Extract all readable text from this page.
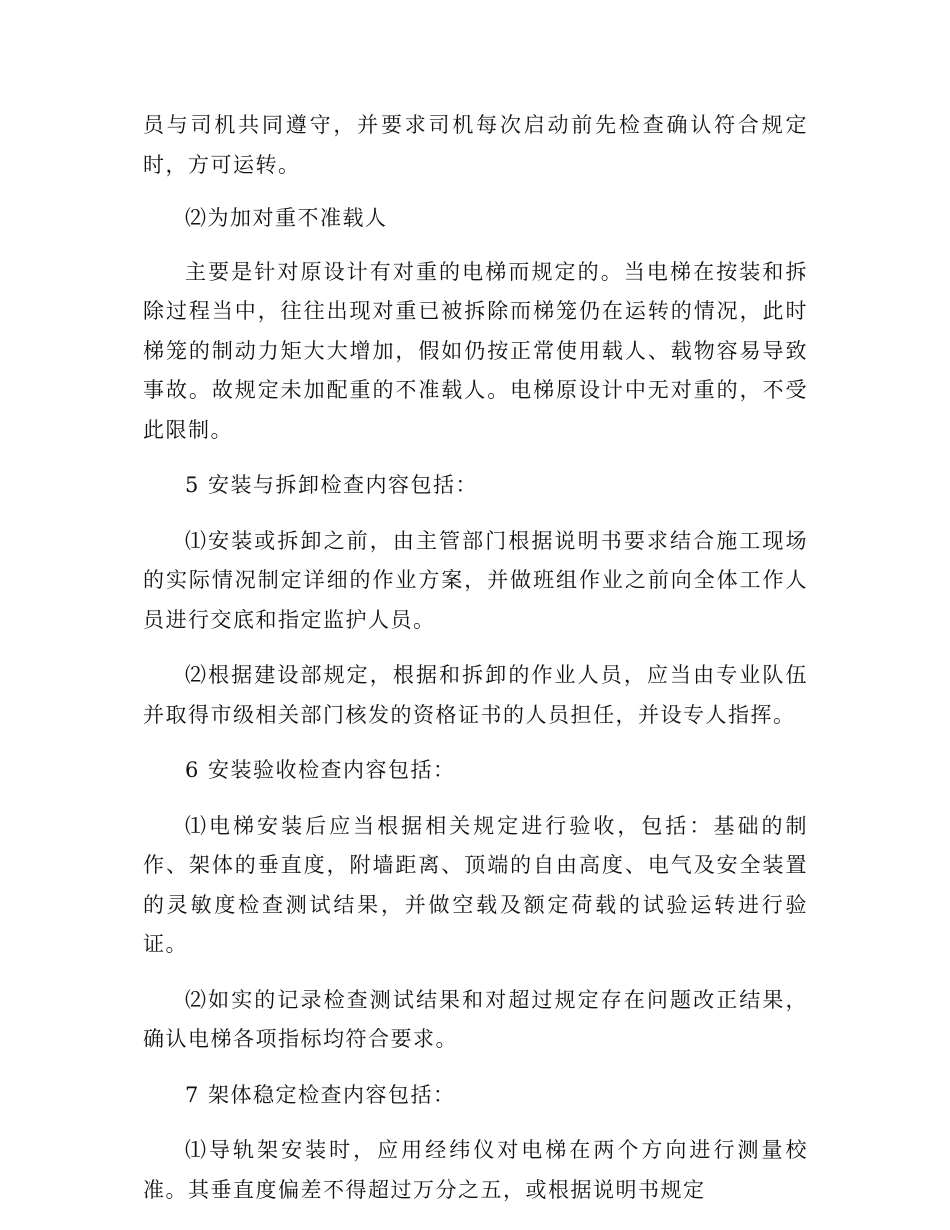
员与司机共同遵守，并要求司机每次启动前先检查确认符合规定时，方可运转。

⑵为加对重不准载人

主要是针对原设计有对重的电梯而规定的。当电梯在按装和拆除过程当中，往往出现对重已被拆除而梯笼仍在运转的情况，此时梯笼的制动力矩大大增加，假如仍按正常使用载人、载物容易导致事故。故规定未加配重的不准载人。电梯原设计中无对重的，不受此限制。

5 安装与拆卸检查内容包括：

⑴安装或拆卸之前，由主管部门根据说明书要求结合施工现场的实际情况制定详细的作业方案，并做班组作业之前向全体工作人员进行交底和指定监护人员。

⑵根据建设部规定，根据和拆卸的作业人员，应当由专业队伍并取得市级相关部门核发的资格证书的人员担任，并设专人指挥。

6 安装验收检查内容包括：

⑴电梯安装后应当根据相关规定进行验收，包括：基础的制作、架体的垂直度，附墙距离、顶端的自由高度、电气及安全装置的灵敏度检查测试结果，并做空载及额定荷载的试验运转进行验证。

⑵如实的记录检查测试结果和对超过规定存在问题改正结果，确认电梯各项指标均符合要求。

7 架体稳定检查内容包括：

⑴导轨架安装时，应用经纬仪对电梯在两个方向进行测量校准。其垂直度偏差不得超过万分之五，或根据说明书规定
